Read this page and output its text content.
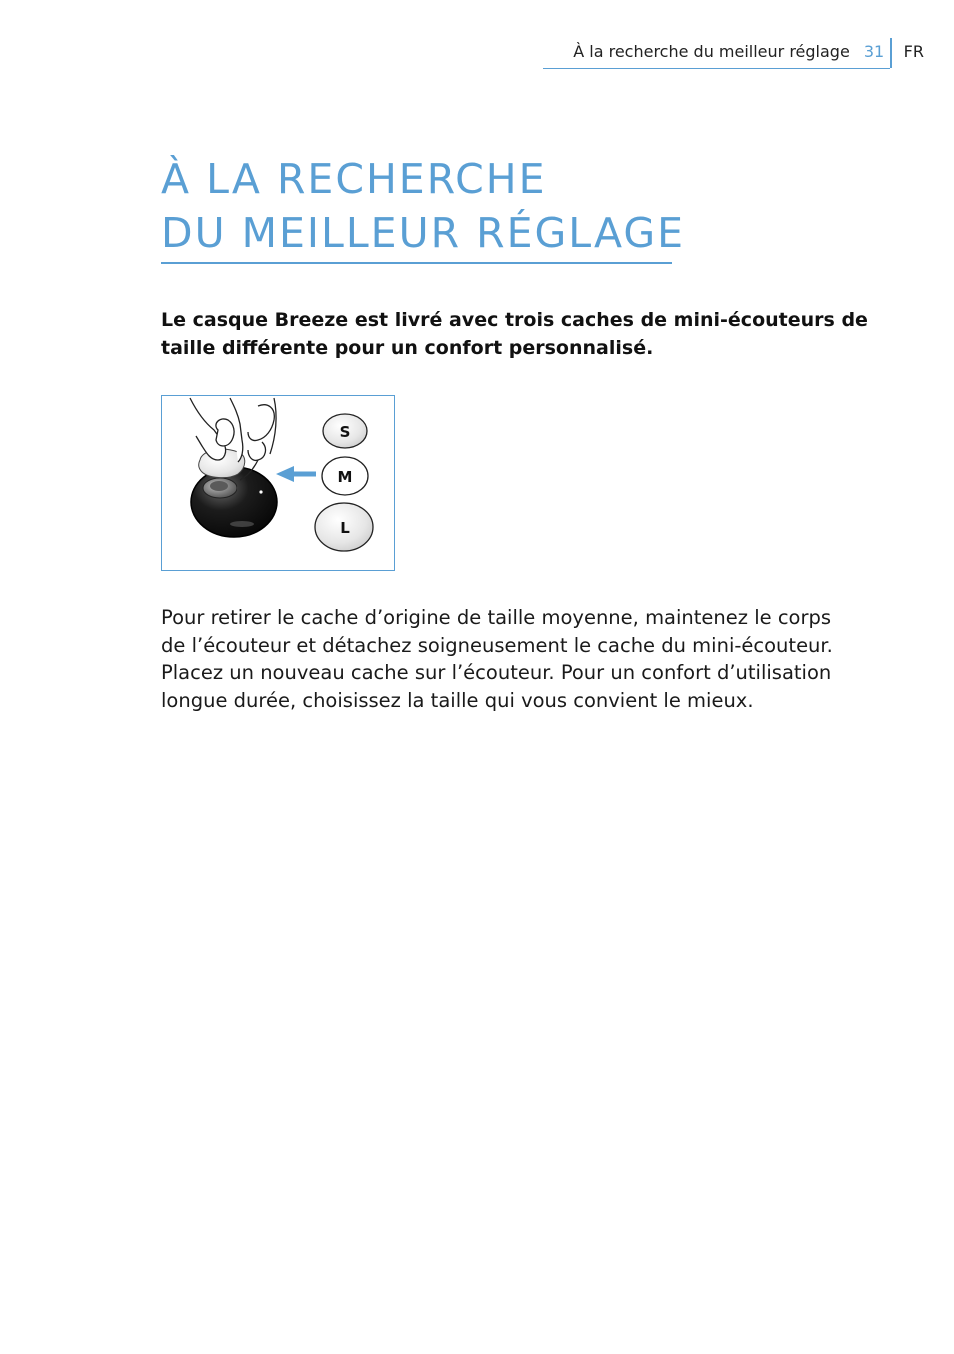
À la recherche du meilleur réglage 31	FR
À LA RECHERCHE
DU MEILLEUR RÉGLAGE

Le casque Breeze est livré avec trois caches de mini-écouteurs de taille différente pour un confort personnalisé.

S
M
L

Pour retirer le cache d’origine de taille moyenne, maintenez le corps
de l’écouteur et détachez soigneusement le cache du mini-écouteur.
Placez un nouveau cache sur l’écouteur. Pour un confort d’utilisation
longue durée, choisissez la taille qui vous convient le mieux.
